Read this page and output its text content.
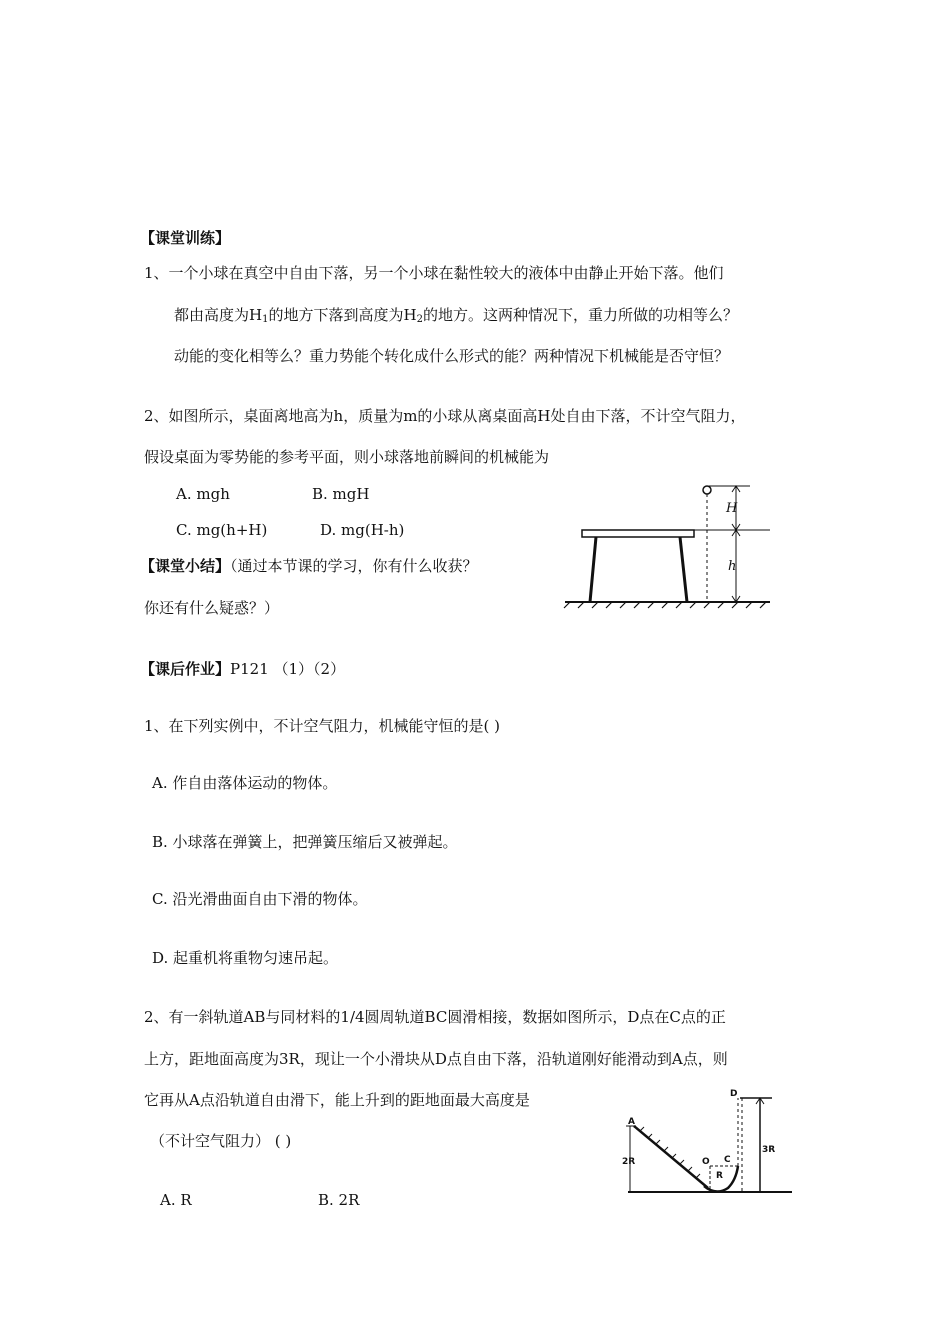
【课堂训练】
1、一个小球在真空中自由下落，另一个小球在黏性较大的液体中由静止开始下落。他们
都由高度为$H_1$的地方下落到高度为$H_2$的地方。这两种情况下，重力所做的功相等么？
动能的变化相等么？重力势能个转化成什么形式的能？两种情况下机械能是否守恒？
2、如图所示，桌面离地高为h，质量为m的小球从离桌面高H处自由下落，不计空气阻力，
假设桌面为零势能的参考平面，则小球落地前瞬间的机械能为
A. mgh	B. mgH
C. mg(h+H)	D. mg(H-h)
H
h
【课堂小结】（通过本节课的学习，你有什么收获？
你还有什么疑惑？）
【课后作业】P121 （1）（2）
1、在下列实例中，不计空气阻力，机械能守恒的是( )
A. 作自由落体运动的物体。
B. 小球落在弹簧上，把弹簧压缩后又被弹起。
C. 沿光滑曲面自由下滑的物体。
D. 起重机将重物匀速吊起。
2、有一斜轨道AB与同材料的1/4圆周轨道BC圆滑相接，数据如图所示，D点在C点的正
上方，距地面高度为3R，现让一个小滑块从D点自由下落，沿轨道刚好能滑动到A点，则
它再从A点沿轨道自由滑下，能上升到的距地面最大高度是
（不计空气阻力） ( )
A. R	B. 2R
A
2R	O C
R
D
3R
